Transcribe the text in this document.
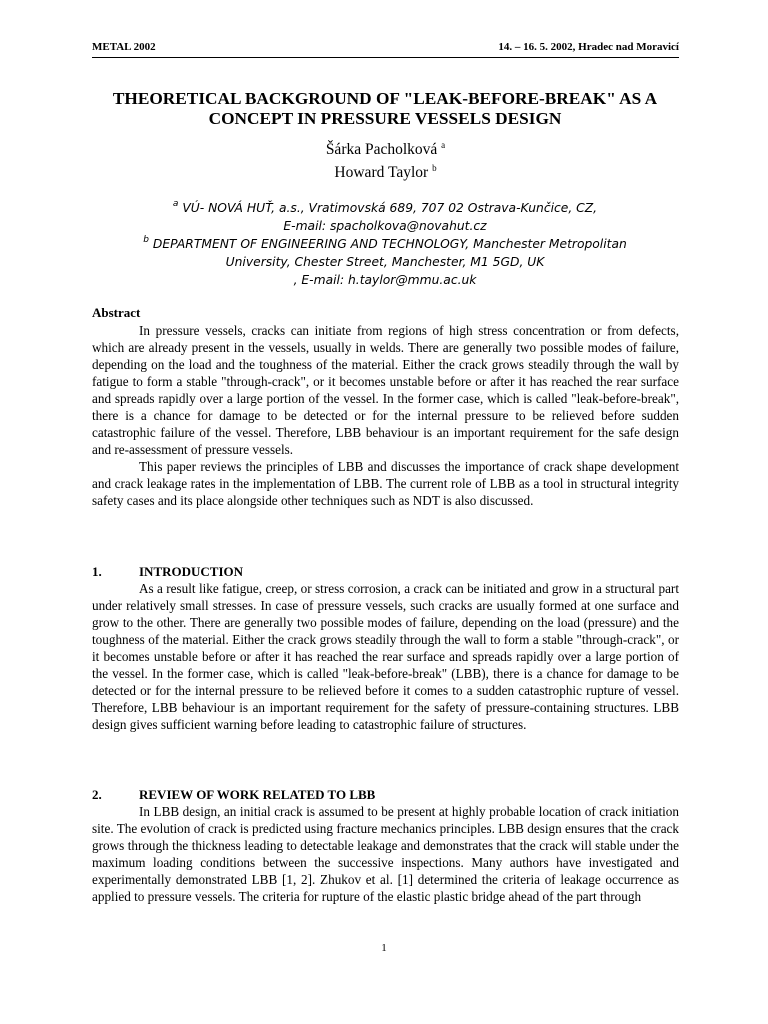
METAL 2002	14. – 16. 5. 2002, Hradec nad Moravicí
THEORETICAL BACKGROUND OF "LEAK-BEFORE-BREAK" AS A
CONCEPT IN PRESSURE VESSELS DESIGN
Šárka Pacholková $^a$
Howard Taylor $^b$
$^a$ VÚ- NOVÁ HUŤ, a.s., Vratimovská 689, 707 02 Ostrava-Kunčice, CZ,
E-mail: spacholkova@novahut.cz
$^b$ DEPARTMENT OF ENGINEERING AND TECHNOLOGY, Manchester Metropolitan
University, Chester Street, Manchester, M1 5GD, UK
, E-mail: h.taylor@mmu.ac.uk
Abstract

In pressure vessels, cracks can initiate from regions of high stress concentration or from defects, which are already present in the vessels, usually in welds. There are generally two possible modes of failure, depending on the load and the toughness of the material. Either the crack grows steadily through the wall by fatigue to form a stable "through-crack", or it becomes unstable before or after it has reached the rear surface and spreads rapidly over a large portion of the vessel. In the former case, which is called "leak-before-break", there is a chance for damage to be detected or for the internal pressure to be relieved before sudden catastrophic failure of the vessel. Therefore, LBB behaviour is an important requirement for the safe design and re-assessment of pressure vessels.

This paper reviews the principles of LBB and discusses the importance of crack shape development and crack leakage rates in the implementation of LBB. The current role of LBB as a tool in structural integrity safety cases and its place alongside other techniques such as NDT is also discussed.

1.	INTRODUCTION

As a result like fatigue, creep, or stress corrosion, a crack can be initiated and grow in a structural part under relatively small stresses. In case of pressure vessels, such cracks are usually formed at one surface and grow to the other. There are generally two possible modes of failure, depending on the load (pressure) and the toughness of the material. Either the crack grows steadily through the wall to form a stable "through-crack", or it becomes unstable before or after it has reached the rear surface and spreads rapidly over a large portion of the vessel. In the former case, which is called "leak-before-break" (LBB), there is a chance for damage to be detected or for the internal pressure to be relieved before it comes to a sudden catastrophic rupture of vessel. Therefore, LBB behaviour is an important requirement for the safety of pressure-containing structures. LBB design gives sufficient warning before leading to catastrophic failure of structures.

2.	REVIEW OF WORK RELATED TO LBB

In LBB design, an initial crack is assumed to be present at highly probable location of crack initiation site. The evolution of crack is predicted using fracture mechanics principles. LBB design ensures that the crack grows through the thickness leading to detectable leakage and demonstrates that the crack will stable under the maximum loading conditions between the successive inspections. Many authors have investigated and experimentally demonstrated LBB [1, 2]. Zhukov et al. [1] determined the criteria of leakage occurrence as applied to pressure vessels. The criteria for rupture of the elastic plastic bridge ahead of the part through

1
